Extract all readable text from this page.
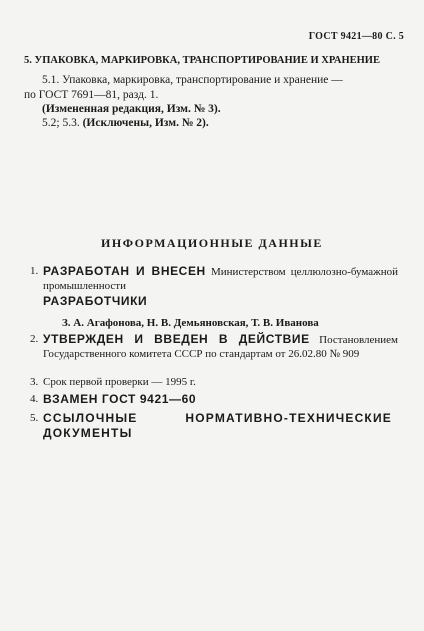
ГОСТ 9421—80 С. 5
5. УПАКОВКА, МАРКИРОВКА, ТРАНСПОРТИРОВАНИЕ И ХРАНЕНИЕ
5.1. Упаковка, маркировка, транспортирование и хранение —
по ГОСТ 7691—81, разд. 1.
(Измененная редакция, Изм. № 3).
5.2; 5.3. (Исключены, Изм. № 2).
ИНФОРМАЦИОННЫЕ ДАННЫЕ
1. РАЗРАБОТАН И ВНЕСЕН Министерством целлюлозно-бумажной промышленности
РАЗРАБОТЧИКИ
З. А. Агафонова, Н. В. Демьяновская, Т. В. Иванова
2. УТВЕРЖДЕН И ВВЕДЕН В ДЕЙСТВИЕ Постановлением Государственного комитета СССР по стандартам от 26.02.80 № 909
3. Срок первой проверки — 1995 г.
4. ВЗАМЕН ГОСТ 9421—60
5. ССЫЛОЧНЫЕ НОРМАТИВНО-ТЕХНИЧЕСКИЕ ДОКУМЕНТЫ
